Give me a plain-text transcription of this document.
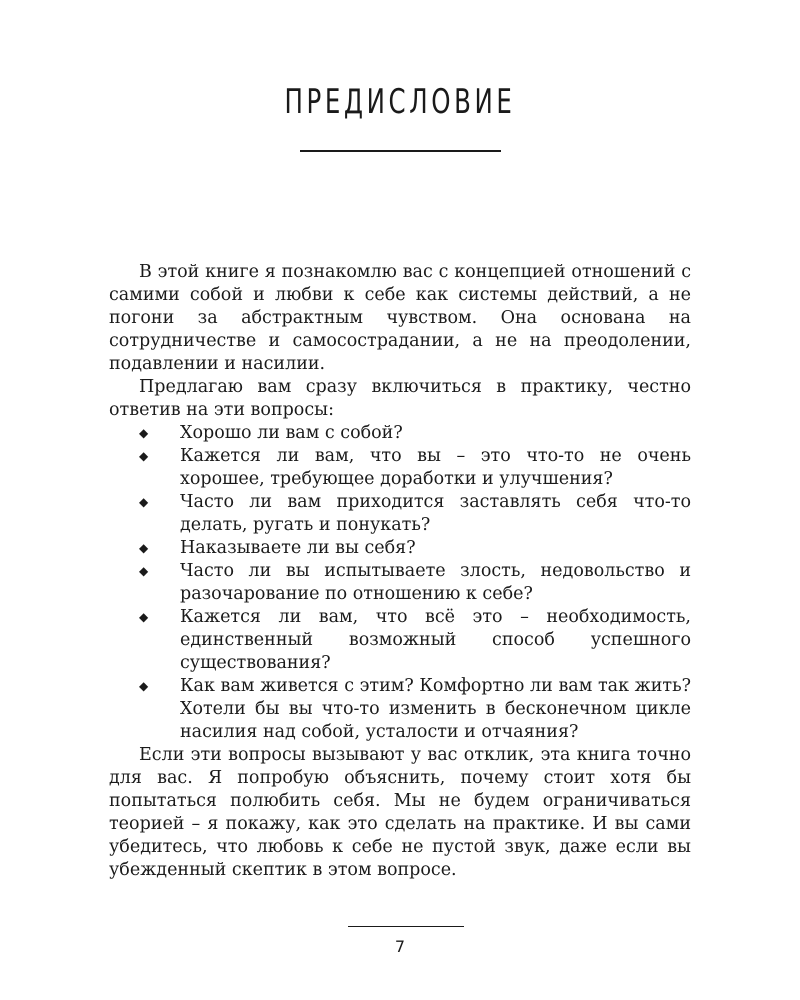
ПРЕДИСЛОВИЕ

В этой книге я познакомлю вас с концепцией отношений с самими собой и любви к себе как системы действий, а не погони за абстрактным чувством. Она основана на сотрудничестве и самосострадании, а не на преодолении, подавлении и насилии.

Предлагаю вам сразу включиться в практику, честно ответив на эти вопросы:

◆ Хорошо ли вам с собой?
◆ Кажется ли вам, что вы – это что-то не очень хорошее, требующее доработки и улучшения?
◆ Часто ли вам приходится заставлять себя что-то делать, ругать и понукать?
◆ Наказываете ли вы себя?
◆ Часто ли вы испытываете злость, недовольство и разочарование по отношению к себе?
◆ Кажется ли вам, что всё это – необходимость, единственный возможный способ успешного существования?
◆ Как вам живется с этим? Комфортно ли вам так жить? Хотели бы вы что-то изменить в бесконечном цикле насилия над собой, усталости и отчаяния?

Если эти вопросы вызывают у вас отклик, эта книга точно для вас. Я попробую объяснить, почему стоит хотя бы попытаться полюбить себя. Мы не будем ограничиваться теорией – я покажу, как это сделать на практике. И вы сами убедитесь, что любовь к себе не пустой звук, даже если вы убежденный скептик в этом вопросе.

7
